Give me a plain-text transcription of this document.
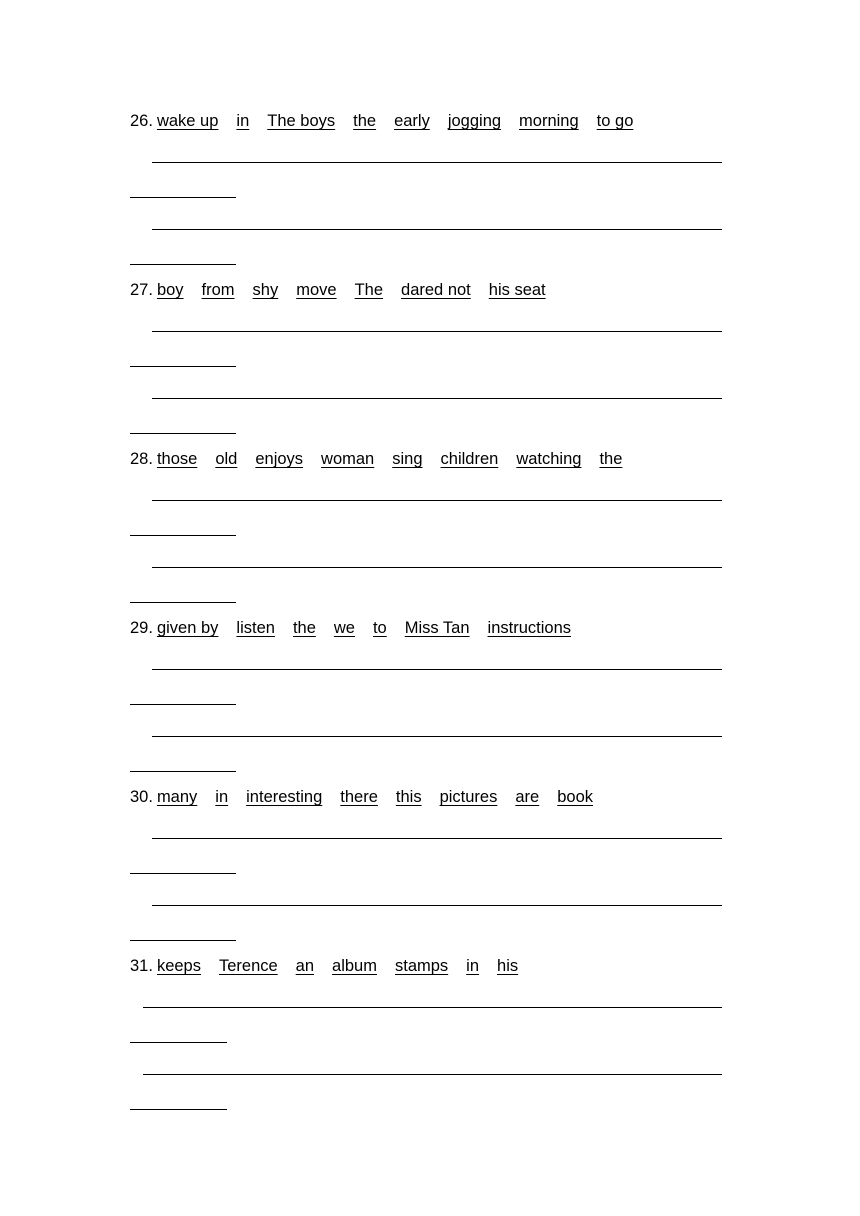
26. wake up in The boys the early jogging morning to go
27. boy from shy move The dared not his seat
28. those old enjoys woman sing children watching the
29. given by listen the we to Miss Tan instructions
30. many in interesting there this pictures are book
31. keeps Terence an album stamps in his
